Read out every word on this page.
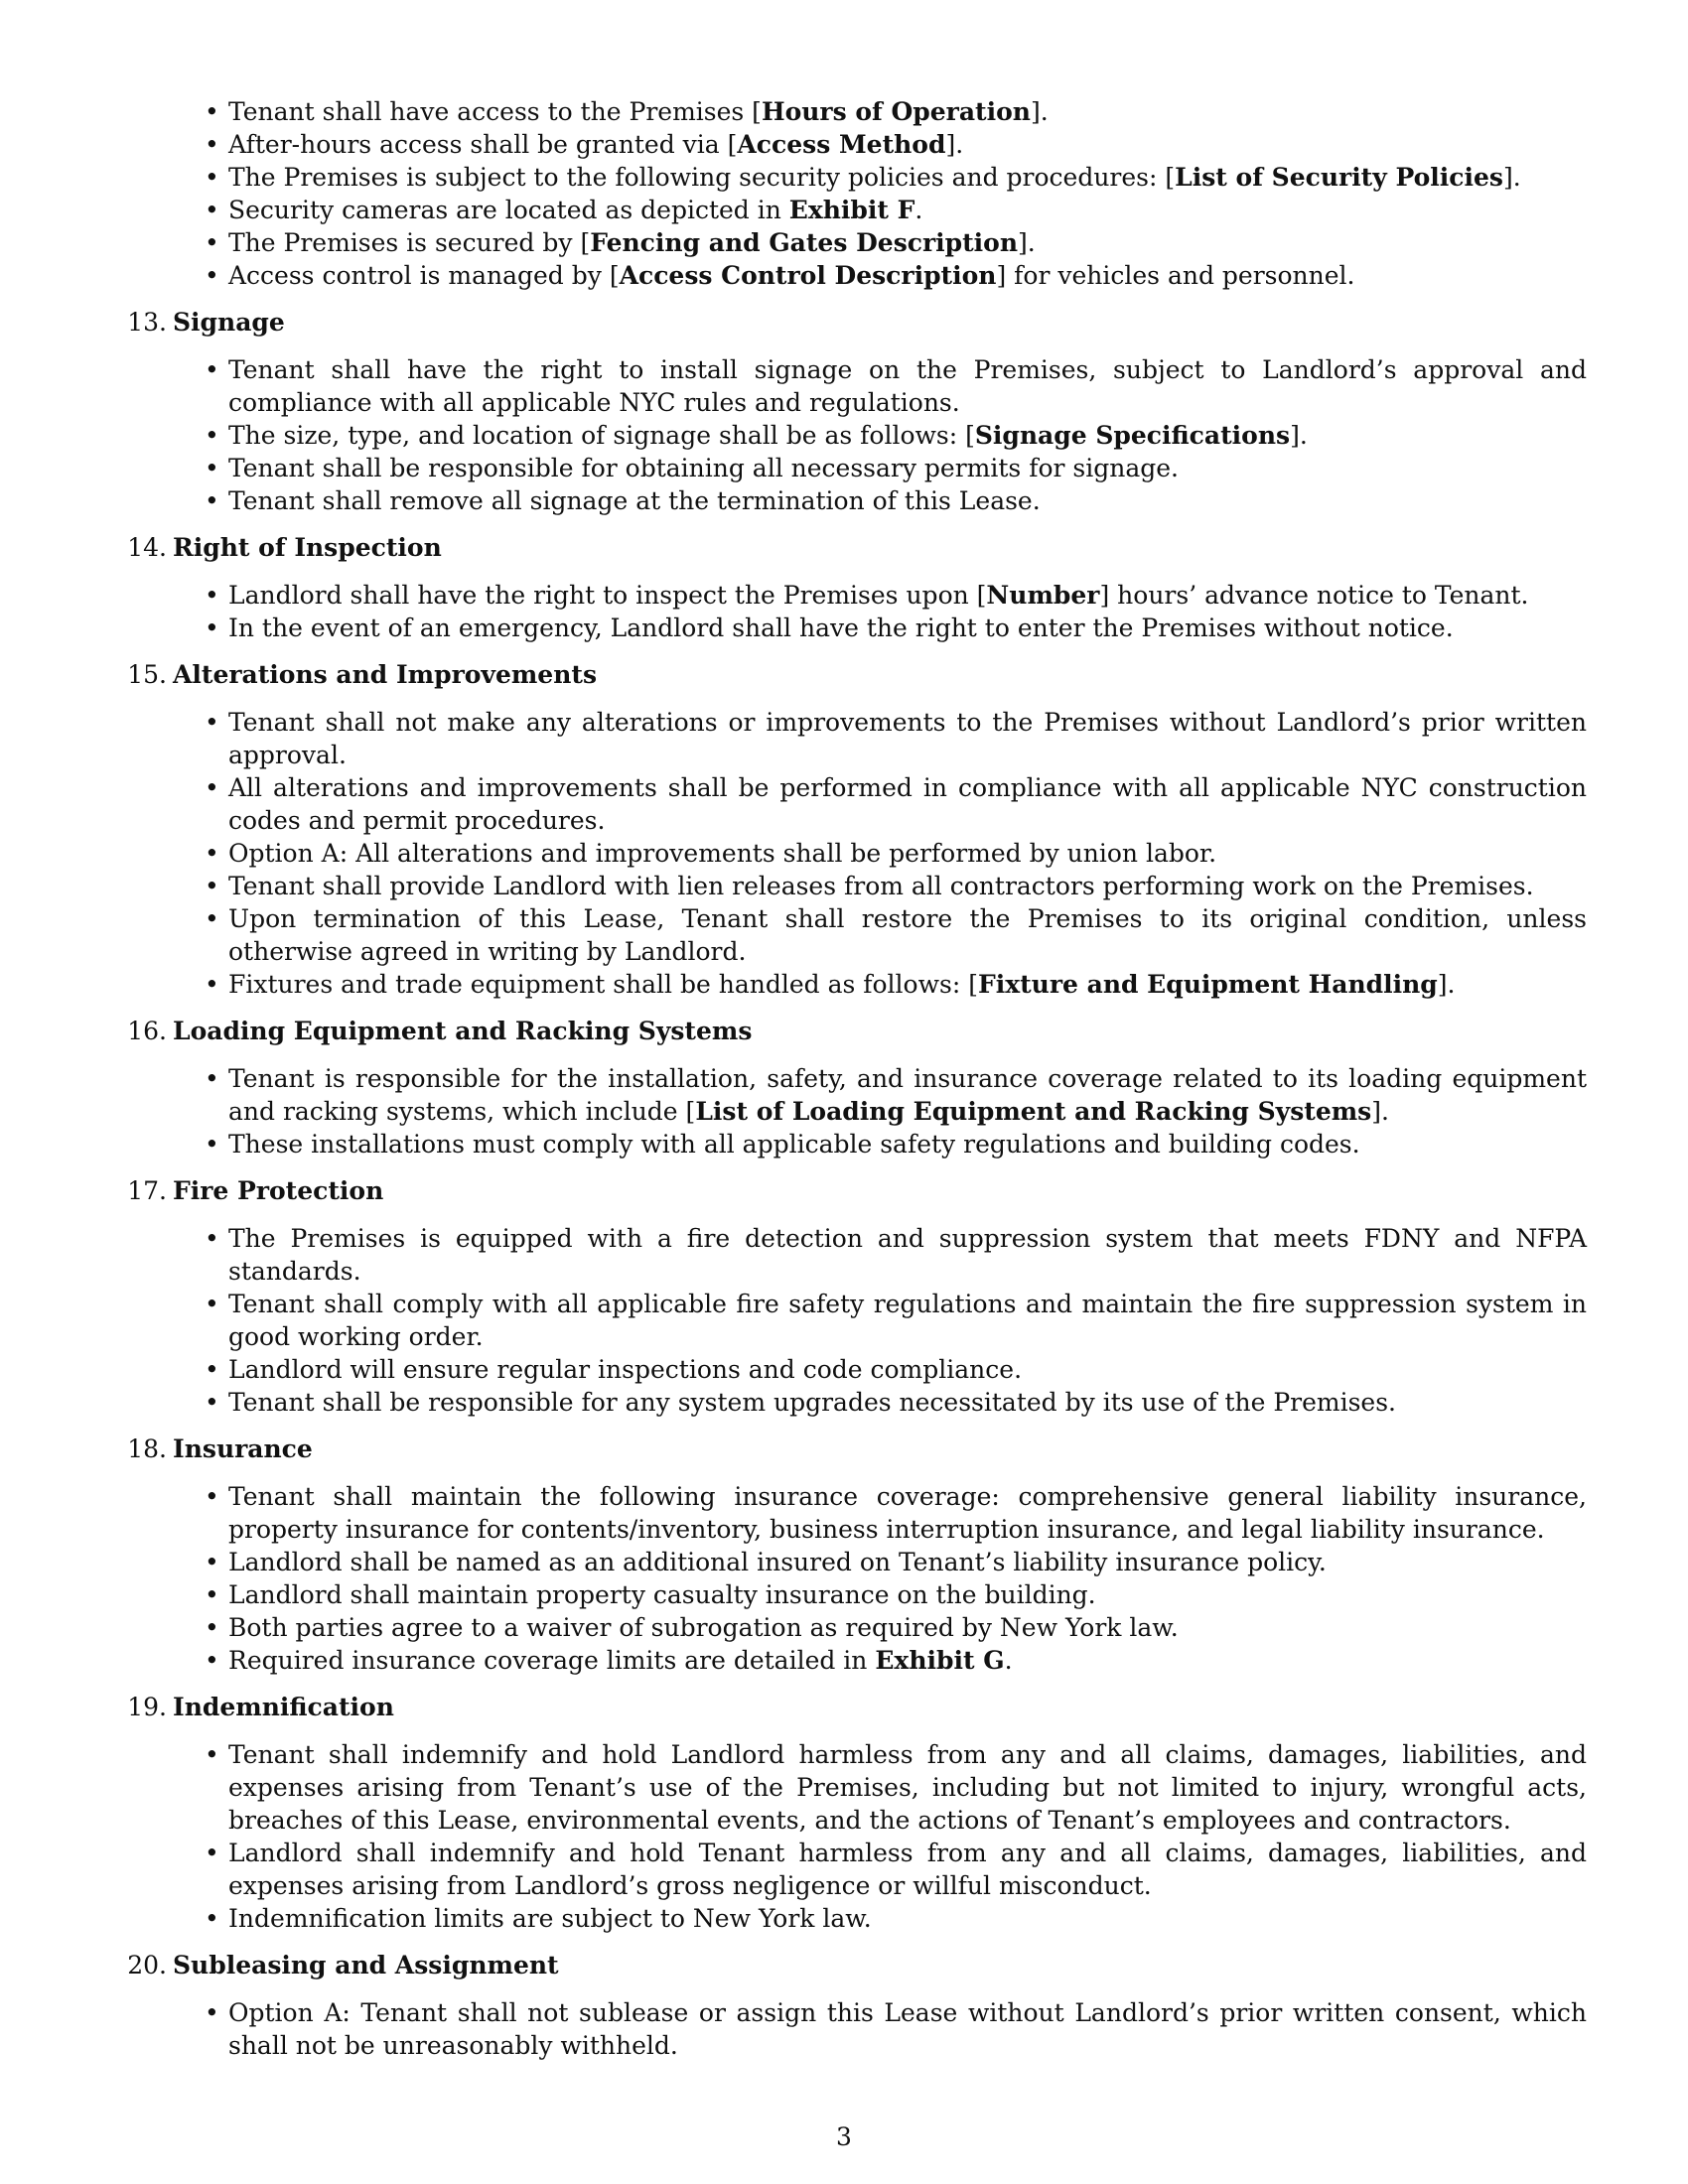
• Tenant shall have access to the Premises [Hours of Operation].
• After-hours access shall be granted via [Access Method].
• The Premises is subject to the following security policies and procedures: [List of Security Policies].
• Security cameras are located as depicted in Exhibit F.
• The Premises is secured by [Fencing and Gates Description].
• Access control is managed by [Access Control Description] for vehicles and personnel.
13. Signage
• Tenant shall have the right to install signage on the Premises, subject to Landlord’s approval and compliance with all applicable NYC rules and regulations.
• The size, type, and location of signage shall be as follows: [Signage Specifications].
• Tenant shall be responsible for obtaining all necessary permits for signage.
• Tenant shall remove all signage at the termination of this Lease.
14. Right of Inspection
• Landlord shall have the right to inspect the Premises upon [Number] hours’ advance notice to Tenant.
• In the event of an emergency, Landlord shall have the right to enter the Premises without notice.
15. Alterations and Improvements
• Tenant shall not make any alterations or improvements to the Premises without Landlord’s prior written approval.
• All alterations and improvements shall be performed in compliance with all applicable NYC construction codes and permit procedures.
• Option A: All alterations and improvements shall be performed by union labor.
• Tenant shall provide Landlord with lien releases from all contractors performing work on the Premises.
• Upon termination of this Lease, Tenant shall restore the Premises to its original condition, unless otherwise agreed in writing by Landlord.
• Fixtures and trade equipment shall be handled as follows: [Fixture and Equipment Handling].
16. Loading Equipment and Racking Systems
• Tenant is responsible for the installation, safety, and insurance coverage related to its loading equipment and racking systems, which include [List of Loading Equipment and Racking Systems].
• These installations must comply with all applicable safety regulations and building codes.
17. Fire Protection
• The Premises is equipped with a fire detection and suppression system that meets FDNY and NFPA standards.
• Tenant shall comply with all applicable fire safety regulations and maintain the fire suppression system in good working order.
• Landlord will ensure regular inspections and code compliance.
• Tenant shall be responsible for any system upgrades necessitated by its use of the Premises.
18. Insurance
• Tenant shall maintain the following insurance coverage: comprehensive general liability insurance, property insurance for contents/inventory, business interruption insurance, and legal liability insurance.
• Landlord shall be named as an additional insured on Tenant’s liability insurance policy.
• Landlord shall maintain property casualty insurance on the building.
• Both parties agree to a waiver of subrogation as required by New York law.
• Required insurance coverage limits are detailed in Exhibit G.
19. Indemnification
• Tenant shall indemnify and hold Landlord harmless from any and all claims, damages, liabilities, and expenses arising from Tenant’s use of the Premises, including but not limited to injury, wrongful acts, breaches of this Lease, environmental events, and the actions of Tenant’s employees and contractors.
• Landlord shall indemnify and hold Tenant harmless from any and all claims, damages, liabilities, and expenses arising from Landlord’s gross negligence or willful misconduct.
• Indemnification limits are subject to New York law.
20. Subleasing and Assignment
• Option A: Tenant shall not sublease or assign this Lease without Landlord’s prior written consent, which shall not be unreasonably withheld.
3
